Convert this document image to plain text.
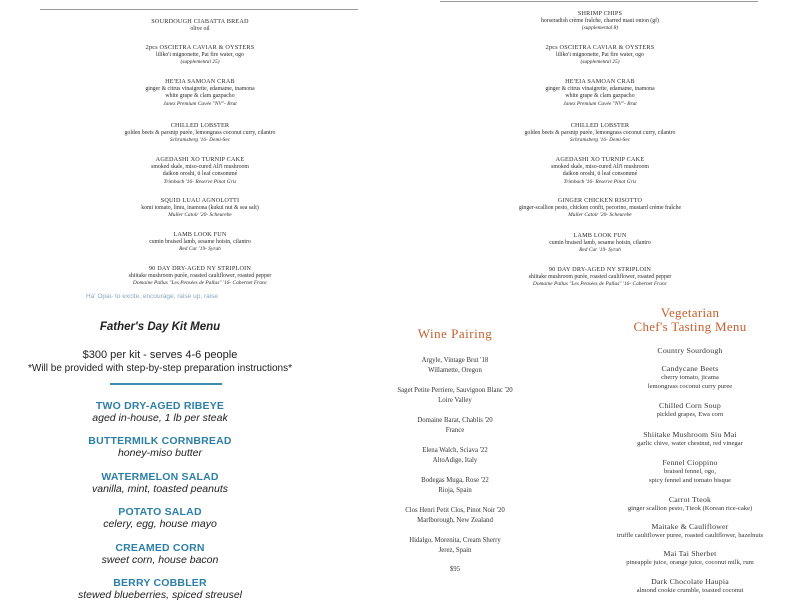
SOURDOUGH CIABATTA BREAD
olive oil
2pcs OSCIETRA CAVIAR & OYSTERS
liliko'i mignonette, Pai fire water, ogo
(supplemental 25)
HE'EIA SAMOAN CRAB
ginger & citrus vinaigrette, edamame, inamona
white grape & clam gazpacho
Janez Premium Cuvée "NV"- Brut
CHILLED LOBSTER
golden beets & parsnip purée, lemongrass coconut curry, cilantro
Schramsberg '16- Demi-Sec
AGEDASHI XO TURNIP CAKE
smoked skale, miso-cured Ali'i mushroom
daikon oroshi, ti leaf consommé
Trimbach '16- Reserve Pinot Gris
SQUID LUAU AGNOLOTTI
komi tomato, limu, inamona (kukui nut & sea salt)
Muller Catoir '20- Scheurebe
LAMB LOOK FUN
cumin braised lamb, sesame hoisin, cilantro
Red Car '19- Syrah
90 DAY DRY-AGED NY STRIPLOIN
shiitake mushroom purée, roasted cauliflower, roasted pepper
Domaine Pallus "Les Pensées de Pallus" '16- Cabernet Franc
SHRIMP CHIPS
horseradish crème fraîche, charred maui onion (gf)
(supplemental 8)
2pcs OSCIETRA CAVIAR & OYSTERS
liliko'i mignonette, Pai fire water, ogo
(supplemental 25)
HE'EIA SAMOAN CRAB
ginger & citrus vinaigrette, edamame, inamona
white grape & clam gazpacho
Janez Premium Cuvée "NV"- Brut
CHILLED LOBSTER
golden beets & parsnip purée, lemongrass coconut curry, cilantro
Schramsberg '16- Demi-Sec
AGEDASHI XO TURNIP CAKE
smoked skale, miso-cured Ali'i mushroom
daikon oroshi, ti leaf consommé
Trimbach '16- Reserve Pinot Gris
GINGER CHICKEN RISOTTO
ginger-scallion pesto, chicken confit, pecorino, mustard crème fraîche
Muller Catoir '20- Scheurebe
LAMB LOOK FUN
cumin braised lamb, sesame hoisin, cilantro
Red Car '19- Syrah
90 DAY DRY-AGED NY STRIPLOIN
shiitake mushroom purée, roasted cauliflower, roasted pepper
Domaine Pallus "Les Pensées de Pallus" '16- Cabernet Franc
Ha' Opai- to excite, encourage, raise up, raise
Father's Day Kit Menu
$300 per kit - serves 4-6 people
*Will be provided with step-by-step preparation instructions*
TWO DRY-AGED RIBEYE
aged in-house, 1 lb per steak
BUTTERMILK CORNBREAD
honey-miso butter
WATERMELON SALAD
vanilla, mint, toasted peanuts
POTATO SALAD
celery, egg, house mayo
CREAMED CORN
sweet corn, house bacon
BERRY COBBLER
stewed blueberries, spiced streusel
Wine Pairing
Argyle, Vintage Brut '18
Willamette, Oregon
Saget Petite Perriere, Sauvignon Blanc '20
Loire Valley
Domaine Barat, Chablis '20
France
Elena Walch, Sciava '22
AltoAdige, Italy
Bodegas Muga, Rose '22
Rioja, Spain
Clos Henri Petit Clos, Pinot Noir '20
Marlborough, New Zealand
Hidalgo, Morenita, Cream Sherry
Jerez, Spain
$95
Vegetarian
Chef's Tasting Menu
Country Sourdough
Candycane Beets
cherry tomato, jicama
lemongrass coconut curry puree
Chilled Corn Soup
pickled grapes, Ewa corn
Shiitake Mushroom Siu Mai
garlic chive, water chestnut, red vinegar
Fennel Cioppino
braised fennel, ogo,
spicy fennel and tomato bisque
Carrot Tteok
ginger scallion pesto, Tteok (Korean rice-cake)
Maitake & Cauliflower
truffle cauliflower puree, roasted cauliflower, hazelnuts
Mai Tai Sherbet
pineapple juice, orange juice, coconut milk, rum
Dark Chocolate Haupia
almond cookie crumble, toasted coconut
